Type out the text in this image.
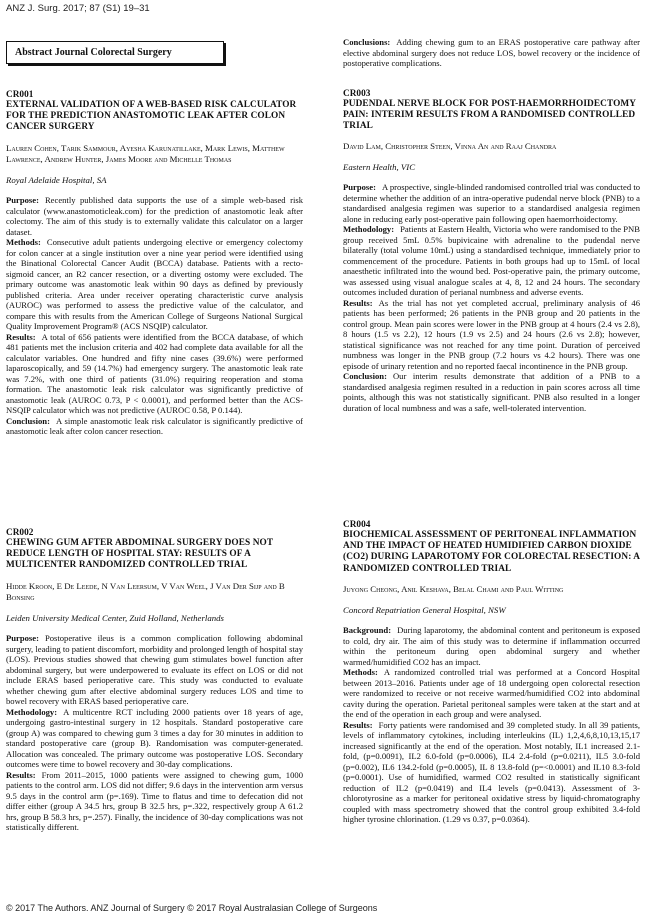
ANZ J. Surg. 2017; 87 (S1) 19–31
Abstract Journal Colorectal Surgery
CR001
EXTERNAL VALIDATION OF A WEB-BASED RISK CALCULATOR FOR THE PREDICTION ANASTOMOTIC LEAK AFTER COLON CANCER SURGERY
Lauren Cohen, Tarik Sammour, Ayesha Karunatillake, Mark Lewis, Matthew Lawrence, Andrew Hunter, James Moore and Michelle Thomas
Royal Adelaide Hospital, SA
Purpose: Recently published data supports the use of a simple web-based risk calculator (www.anastomoticleak.com) for the prediction of anastomotic leak after colectomy. The aim of this study is to externally validate this calculator on a larger dataset.
Methods: Consecutive adult patients undergoing elective or emergency colectomy for colon cancer at a single institution over a nine year period were identified using the Binational Colorectal Cancer Audit (BCCA) database. Patients with a recto-sigmoid cancer, an R2 cancer resection, or a diverting ostomy were excluded. The primary outcome was anastomotic leak within 90 days as defined by previously published criteria. Area under receiver operating characteristic curve analysis (AUROC) was performed to assess the predictive value of the calculator, and compare this with results from the American College of Surgeons National Surgical Quality Improvement Program® (ACS NSQIP) calculator.
Results: A total of 656 patients were identified from the BCCA database, of which 481 patients met the inclusion criteria and 402 had complete data available for all the calculator variables. One hundred and fifty nine cases (39.6%) were performed laparoscopically, and 59 (14.7%) had emergency surgery. The anastomotic leak rate was 7.2%, with one third of patients (31.0%) requiring reoperation and stoma formation. The anastomotic leak risk calculator was significantly predictive of anastomotic leak (AUROC 0.73, P < 0.0001), and performed better than the ACS-NSQIP calculator which was not predictive (AUROC 0.58, P 0.144).
Conclusion: A simple anastomotic leak risk calculator is significantly predictive of anastomotic leak after colon cancer resection.
CR002
CHEWING GUM AFTER ABDOMINAL SURGERY DOES NOT REDUCE LENGTH OF HOSPITAL STAY: RESULTS OF A MULTICENTER RANDOMIZED CONTROLLED TRIAL
Hidde Kroon, E De Leede, N Van Leersum, V Van Weel, J Van Der Sijp and B Bonsing
Leiden University Medical Center, Zuid Holland, Netherlands
Purpose: Postoperative ileus is a common complication following abdominal surgery, leading to patient discomfort, morbidity and prolonged length of hospital stay (LOS). Previous studies showed that chewing gum stimulates bowel function after abdominal surgery, but were underpowered to evaluate its effect on LOS or did not include ERAS based perioperative care. This study was conducted to evaluate whether chewing gum after elective abdominal surgery reduces LOS and time to bowel recovery with ERAS based perioperative care.
Methodology: A multicentre RCT including 2000 patients over 18 years of age, undergoing gastro-intestinal surgery in 12 hospitals. Standard postoperative care (group A) was compared to chewing gum 3 times a day for 30 minutes in addition to standard postoperative care (group B). Randomisation was computer-generated. Allocation was concealed. The primary outcome was postoperative LOS. Secondary outcomes were time to bowel recovery and 30-day complications.
Results: From 2011–2015, 1000 patients were assigned to chewing gum, 1000 patients to the control arm. LOS did not differ; 9.6 days in the intervention arm versus 9.5 days in the control arm (p=.169). Time to flatus and time to defecation did not differ either (group A 34.5 hrs, group B 32.5 hrs, p=.322, respectively group A 61.2 hrs, group B 58.3 hrs, p=.257). Finally, the incidence of 30-day complications was not statistically different.
Conclusions: Adding chewing gum to an ERAS postoperative care pathway after elective abdominal surgery does not reduce LOS, bowel recovery or the incidence of postoperative complications.
CR003
PUDENDAL NERVE BLOCK FOR POST-HAEMORRHOIDECTOMY PAIN: INTERIM RESULTS FROM A RANDOMISED CONTROLLED TRIAL
David Lam, Christopher Steen, Vinna An and Raaj Chandra
Eastern Health, VIC
Purpose: A prospective, single-blinded randomised controlled trial was conducted to determine whether the addition of an intra-operative pudendal nerve block (PNB) to a standardised analgesia regimen was superior to a standardised analgesia regimen alone in reducing early post-operative pain following open haemorrhoidectomy.
Methodology: Patients at Eastern Health, Victoria who were randomised to the PNB group received 5mL 0.5% bupivicaine with adrenaline to the pudendal nerve bilaterally (total volume 10mL) using a standardised technique, immediately prior to commencement of the procedure. Patients in both groups had up to 15mL of local anaesthetic infiltrated into the wound bed. Post-operative pain, the primary outcome, was assessed using visual analogue scales at 4, 8, 12 and 24 hours. The secondary outcomes included duration of perianal numbness and adverse events.
Results: As the trial has not yet completed accrual, preliminary analysis of 46 patients has been performed; 26 patients in the PNB group and 20 patients in the control group. Mean pain scores were lower in the PNB group at 4 hours (2.4 vs 2.8), 8 hours (1.5 vs 2.2), 12 hours (1.9 vs 2.5) and 24 hours (2.6 vs 2.8); however, statistical significance was not reached for any time point. Duration of perceived numbness was longer in the PNB group (7.2 hours vs 4.2 hours). There was one episode of urinary retention and no reported faecal incontinence in the PNB group.
Conclusion: Our interim results demonstrate that addition of a PNB to a standardised analgesia regimen resulted in a reduction in pain scores across all time points, although this was not statistically significant. PNB also resulted in a longer duration of local numbness and was a safe, well-tolerated intervention.
CR004
BIOCHEMICAL ASSESSMENT OF PERITONEAL INFLAMMATION AND THE IMPACT OF HEATED HUMIDIFIED CARBON DIOXIDE (CO2) DURING LAPAROTOMY FOR COLORECTAL RESECTION: A RANDOMIZED CONTROLLED TRIAL
Juyong Cheong, Anil Keshava, Belal Chami and Paul Witting
Concord Repatriation General Hospital, NSW
Background: During laparotomy, the abdominal content and peritoneum is exposed to cold, dry air. The aim of this study was to determine if inflammation occurred within the peritoneum during open abdominal surgery and whether warmed/humidified CO2 has an impact.
Methods: A randomized controlled trial was performed at a Concord Hospital between 2013–2016. Patients under age of 18 undergoing open colorectal resection were randomized to receive or not receive warmed/humidified CO2 into abdominal cavity during the operation. Parietal peritoneal samples were taken at the start and at the end of the operation in each group and were analysed.
Results: Forty patients were randomised and 39 completed study. In all 39 patients, levels of inflammatory cytokines, including interleukins (IL) 1,2,4,6,8,10,13,15,17 increased significantly at the end of the operation. Most notably, IL1 increased 2.1-fold, (p=0.0091), IL2 6.0-fold (p=0.0006), IL4 2.4-fold (p=0.0211), IL5 3.0-fold (p=0.002), IL6 134.2-fold (p=0.0005), IL 8 13.8-fold (p=<0.0001) and IL10 8.3-fold (p=0.0001). Use of humidified, warmed CO2 resulted in statistically significant reduction of IL2 (p=0.0419) and IL4 levels (p=0.0413). Assessment of 3-chlorotyrosine as a marker for peritoneal oxidative stress by liquid-chromatography coupled with mass spectrometry showed that the control group exhibited 3.4-fold higher tyrosine chlorination. (1.29 vs 0.37, p=0.0364).
© 2017 The Authors. ANZ Journal of Surgery © 2017 Royal Australasian College of Surgeons
